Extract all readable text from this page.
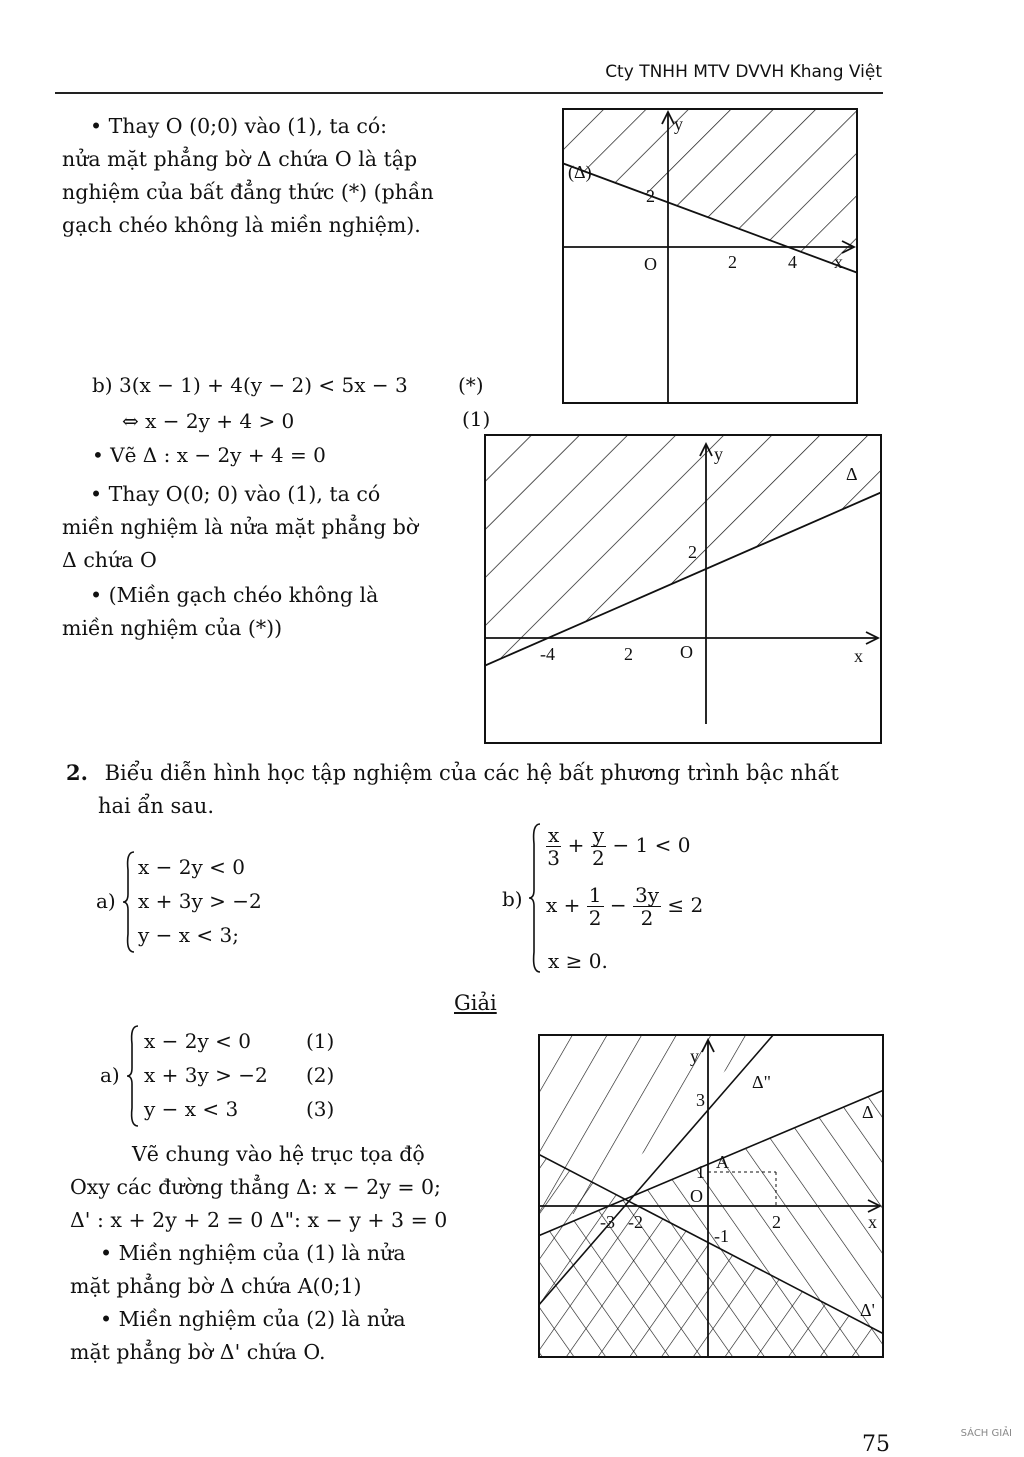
Cty TNHH MTV DVVH Khang Việt
• Thay O (0;0) vào (1), ta có:
nửa mặt phẳng bờ Δ chứa O là tập
nghiệm của bất đẳng thức (*) (phần
gạch chéo không là miền nghiệm).
y
x
(Δ)
O
2
2	4
b) 3(x − 1) + 4(y − 2) < 5x − 3	(*)
⇔ x − 2y + 4 > 0	(1)
• Vẽ Δ : x − 2y + 4 = 0
• Thay O(0; 0) vào (1), ta có
miền nghiệm là nửa mặt phẳng bờ
Δ chứa O
• (Miền gạch chéo không là
miền nghiệm của (*))
y
x
Δ
O
2
-4	2
2. Biểu diễn hình học tập nghiệm của các hệ bất phương trình bậc nhất
hai ẩn sau.
a)
x − 2y < 0
x + 3y > −2
y − x < 3;
b)
$\frac{x}{3} + \frac{y}{2} - 1 < 0$
$x + \frac{1}{2} - \frac{3y}{2} \le 2$
x ≥ 0.
Giải
a)
x − 2y < 0
x + 3y > −2
y − x < 3
(1)
(2)
(3)
Vẽ chung vào hệ trục tọa độ
Oxy các đường thẳng Δ: x − 2y = 0;
Δ' : x + 2y + 2 = 0 Δ": x − y + 3 = 0
• Miền nghiệm của (1) là nửa
mặt phẳng bờ Δ chứa A(0;1)
• Miền nghiệm của (2) là nửa
mặt phẳng bờ Δ' chứa O.
y
x
Δ"
Δ
Δ'
A
O
3
1
-1
-3 -2	2
75	SÁCH GIẢI
